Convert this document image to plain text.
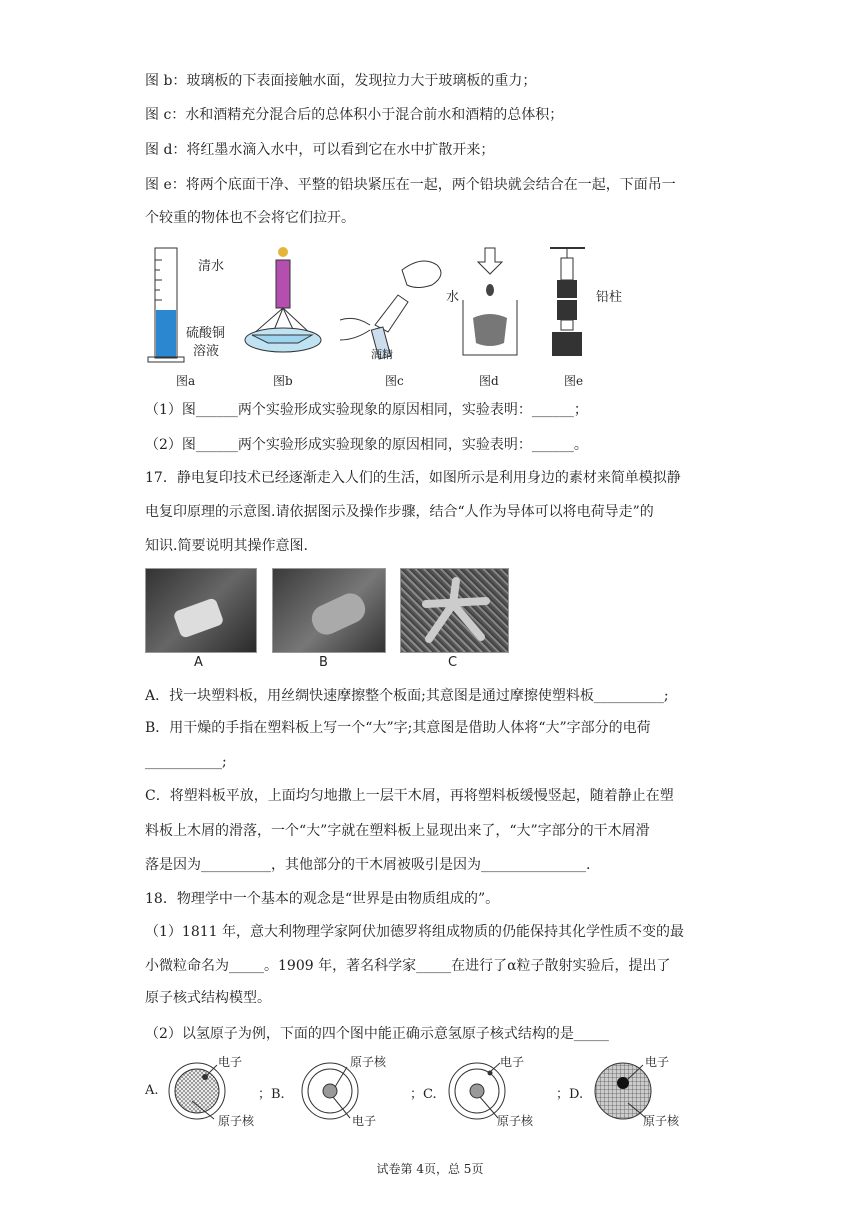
图 b：玻璃板的下表面接触水面，发现拉力大于玻璃板的重力；
图 c：水和酒精充分混合后的总体积小于混合前水和酒精的总体积；
图 d：将红墨水滴入水中，可以看到它在水中扩散开来；
图 e：将两个底面干净、平整的铅块紧压在一起，两个铅块就会结合在一起，下面吊一
个较重的物体也不会将它们拉开。
清水
硫酸铜
溶液
水
酒精
铅柱
图a	图b	图c	图d	图e
（1）图______两个实验形成实验现象的原因相同，实验表明：______；
（2）图______两个实验形成实验现象的原因相同，实验表明：______。
17．静电复印技术已经逐渐走入人们的生活，如图所示是利用身边的素材来简单模拟静
电复印原理的示意图.请依据图示及操作步骤，结合“人作为导体可以将电荷导走”的
知识.简要说明其操作意图.
A	B	C
A．找一块塑料板，用丝绸快速摩擦整个板面;其意图是通过摩擦使塑料板__________;
B．用干燥的手指在塑料板上写一个“大”字;其意图是借助人体将“大”字部分的电荷
___________;
C．将塑料板平放，上面均匀地撒上一层干木屑，再将塑料板缓慢竖起，随着静止在塑
料板上木屑的滑落，一个“大”字就在塑料板上显现出来了，“大”字部分的干木屑滑
落是因为__________，其他部分的干木屑被吸引是因为_______________.
18．物理学中一个基本的观念是“世界是由物质组成的”。
（1）1811 年，意大利物理学家阿伏加德罗将组成物质的仍能保持其化学性质不变的最
小微粒命名为_____。1909 年，著名科学家_____在进行了α粒子散射实验后，提出了
原子核式结构模型。
（2）以氢原子为例，下面的四个图中能正确示意氢原子核式结构的是_____
A.
电子
原子核
；B.
原子核
电子
；C.
电子
原子核
；D.
电子
原子核
试卷第 4页，总 5页
